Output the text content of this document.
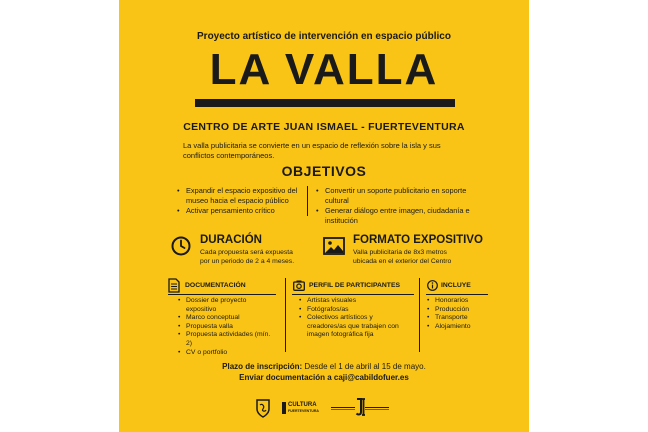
Proyecto artístico de intervención en espacio público
LA VALLA
CENTRO DE ARTE JUAN ISMAEL - FUERTEVENTURA
La valla publicitaria se convierte en un espacio de reflexión sobre la isla y sus
conflictos contemporáneos.
OBJETIVOS
• Expandir el espacio expositivo del museo hacia el espacio público
• Activar pensamiento crítico
• Convertir un soporte publicitario en soporte cultural
• Generar diálogo entre imagen, ciudadanía e institución
DURACIÓN
Cada propuesta será expuesta
por un periodo de 2 a 4 meses.
FORMATO EXPOSITIVO
Valla publicitaria de 8x3 metros
ubicada en el exterior del Centro
DOCUMENTACIÓN
• Dossier de proyecto expositivo
• Marco conceptual
• Propuesta valla
• Propuesta actividades (mín. 2)
• CV o portfolio
PERFIL DE PARTICIPANTES
• Artistas visuales
• Fotógrafos/as
• Colectivos artísticos y creadores/as que trabajen con imagen fotográfica fija
INCLUYE
• Honorarios
• Producción
• Transporte
• Alojamiento
Plazo de inscripción: Desde el 1 de abril al 15 de mayo.
Enviar documentación a caji@cabildofuer.es
CULTURA
FUERTEVENTURA
